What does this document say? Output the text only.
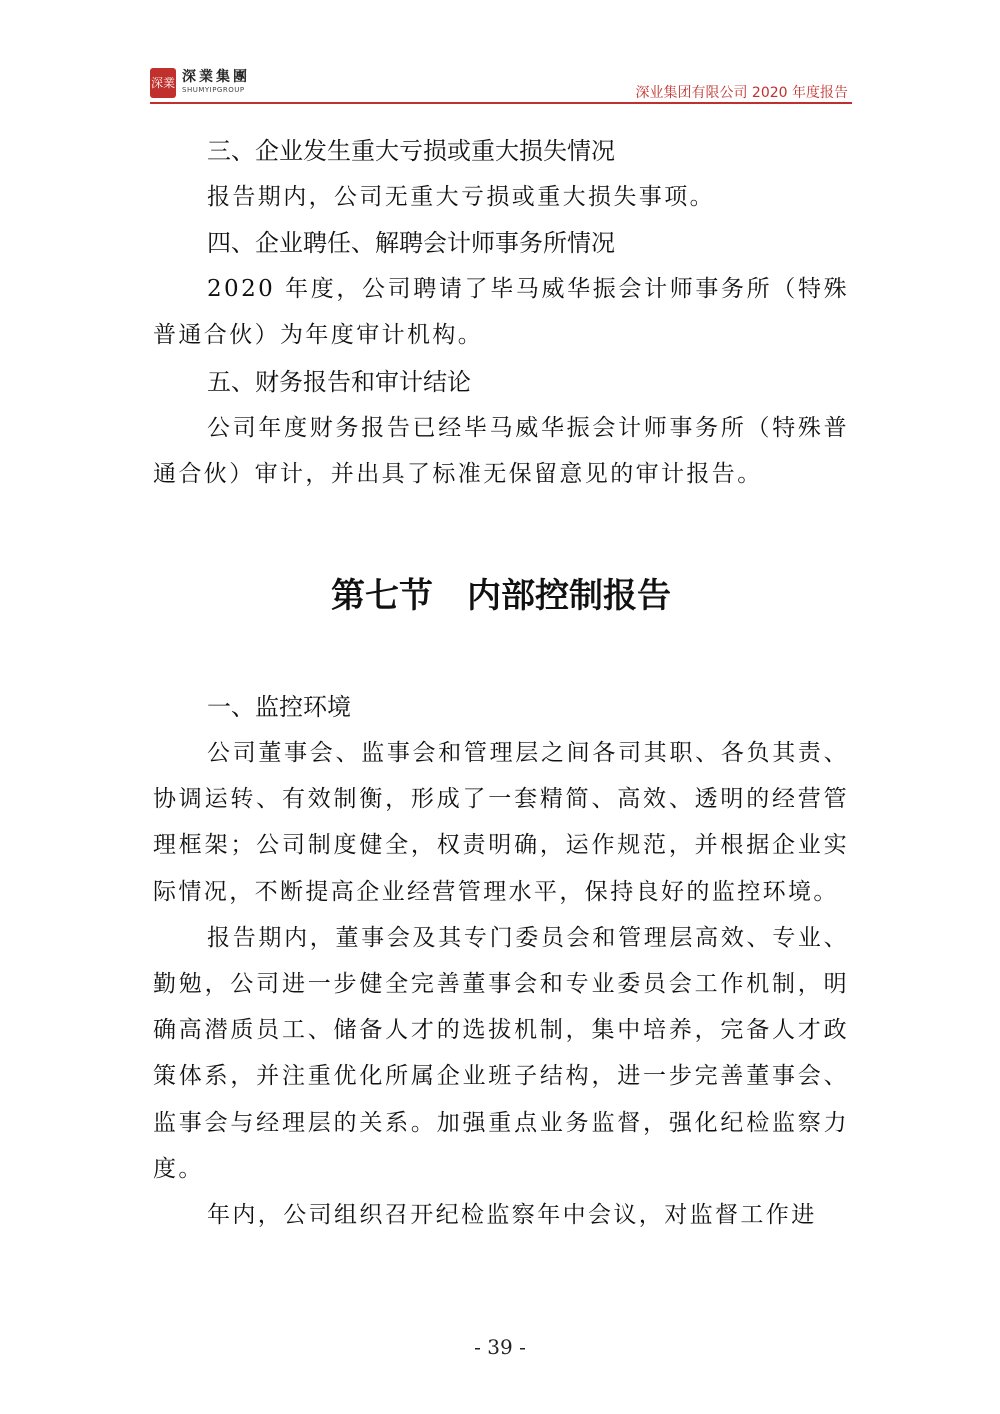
深業 深業集團
SHUMYIPGROUP	深业集团有限公司 2020 年度报告
三、企业发生重大亏损或重大损失情况

报告期内，公司无重大亏损或重大损失事项。

四、企业聘任、解聘会计师事务所情况

2020 年度，公司聘请了毕马威华振会计师事务所（特殊普通合伙）为年度审计机构。

五、财务报告和审计结论

公司年度财务报告已经毕马威华振会计师事务所（特殊普通合伙）审计，并出具了标准无保留意见的审计报告。

第七节　内部控制报告
一、监控环境

公司董事会、监事会和管理层之间各司其职、各负其责、协调运转、有效制衡，形成了一套精简、高效、透明的经营管理框架；公司制度健全，权责明确，运作规范，并根据企业实际情况，不断提高企业经营管理水平，保持良好的监控环境。

报告期内，董事会及其专门委员会和管理层高效、专业、勤勉，公司进一步健全完善董事会和专业委员会工作机制，明确高潜质员工、储备人才的选拔机制，集中培养，完备人才政策体系，并注重优化所属企业班子结构，进一步完善董事会、监事会与经理层的关系。加强重点业务监督，强化纪检监察力度。

年内，公司组织召开纪检监察年中会议，对监督工作进

- 39 -
